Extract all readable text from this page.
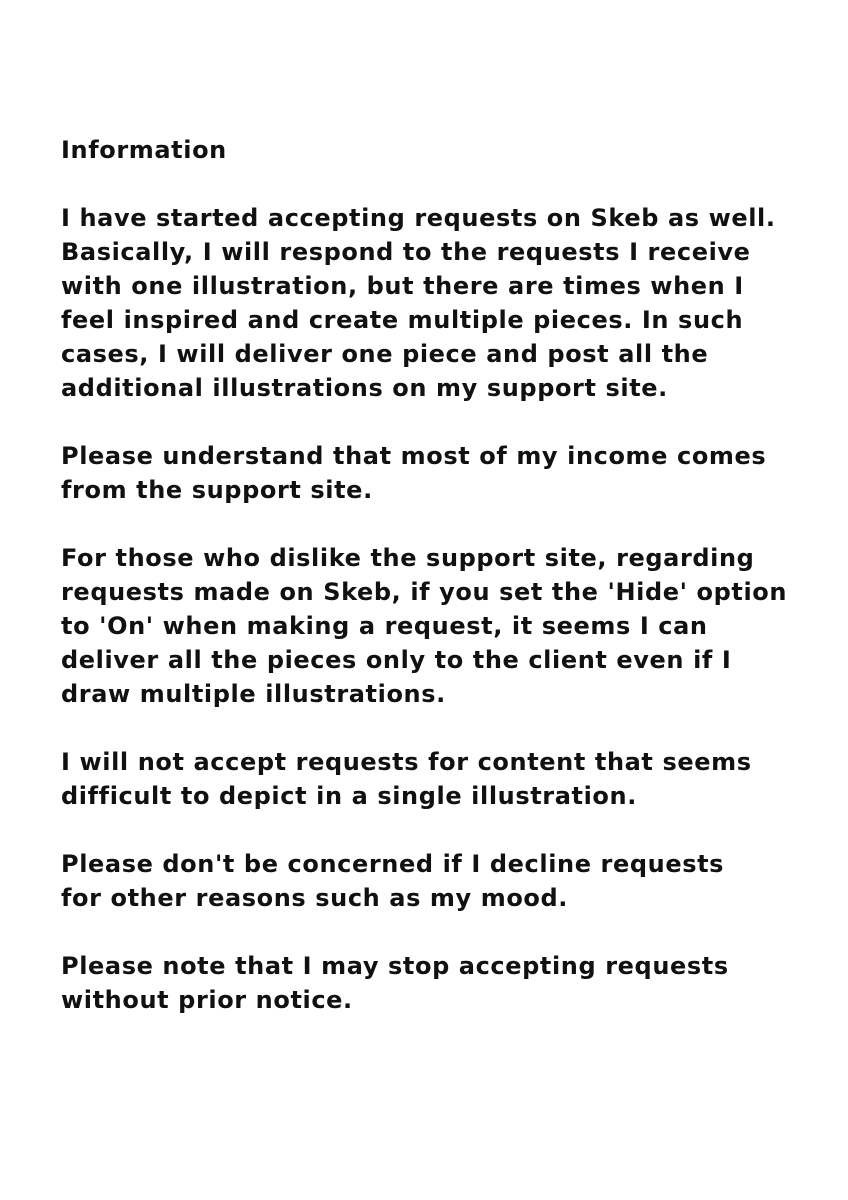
Information
I have started accepting requests on Skeb as well.
Basically, I will respond to the requests I receive
with one illustration, but there are times when I
feel inspired and create multiple pieces. In such
cases, I will deliver one piece and post all the
additional illustrations on my support site.
Please understand that most of my income comes
from the support site.
For those who dislike the support site, regarding
requests made on Skeb, if you set the 'Hide' option
to 'On' when making a request, it seems I can
deliver all the pieces only to the client even if I
draw multiple illustrations.
I will not accept requests for content that seems
difficult to depict in a single illustration.
Please don't be concerned if I decline requests
for other reasons such as my mood.
Please note that I may stop accepting requests
without prior notice.
